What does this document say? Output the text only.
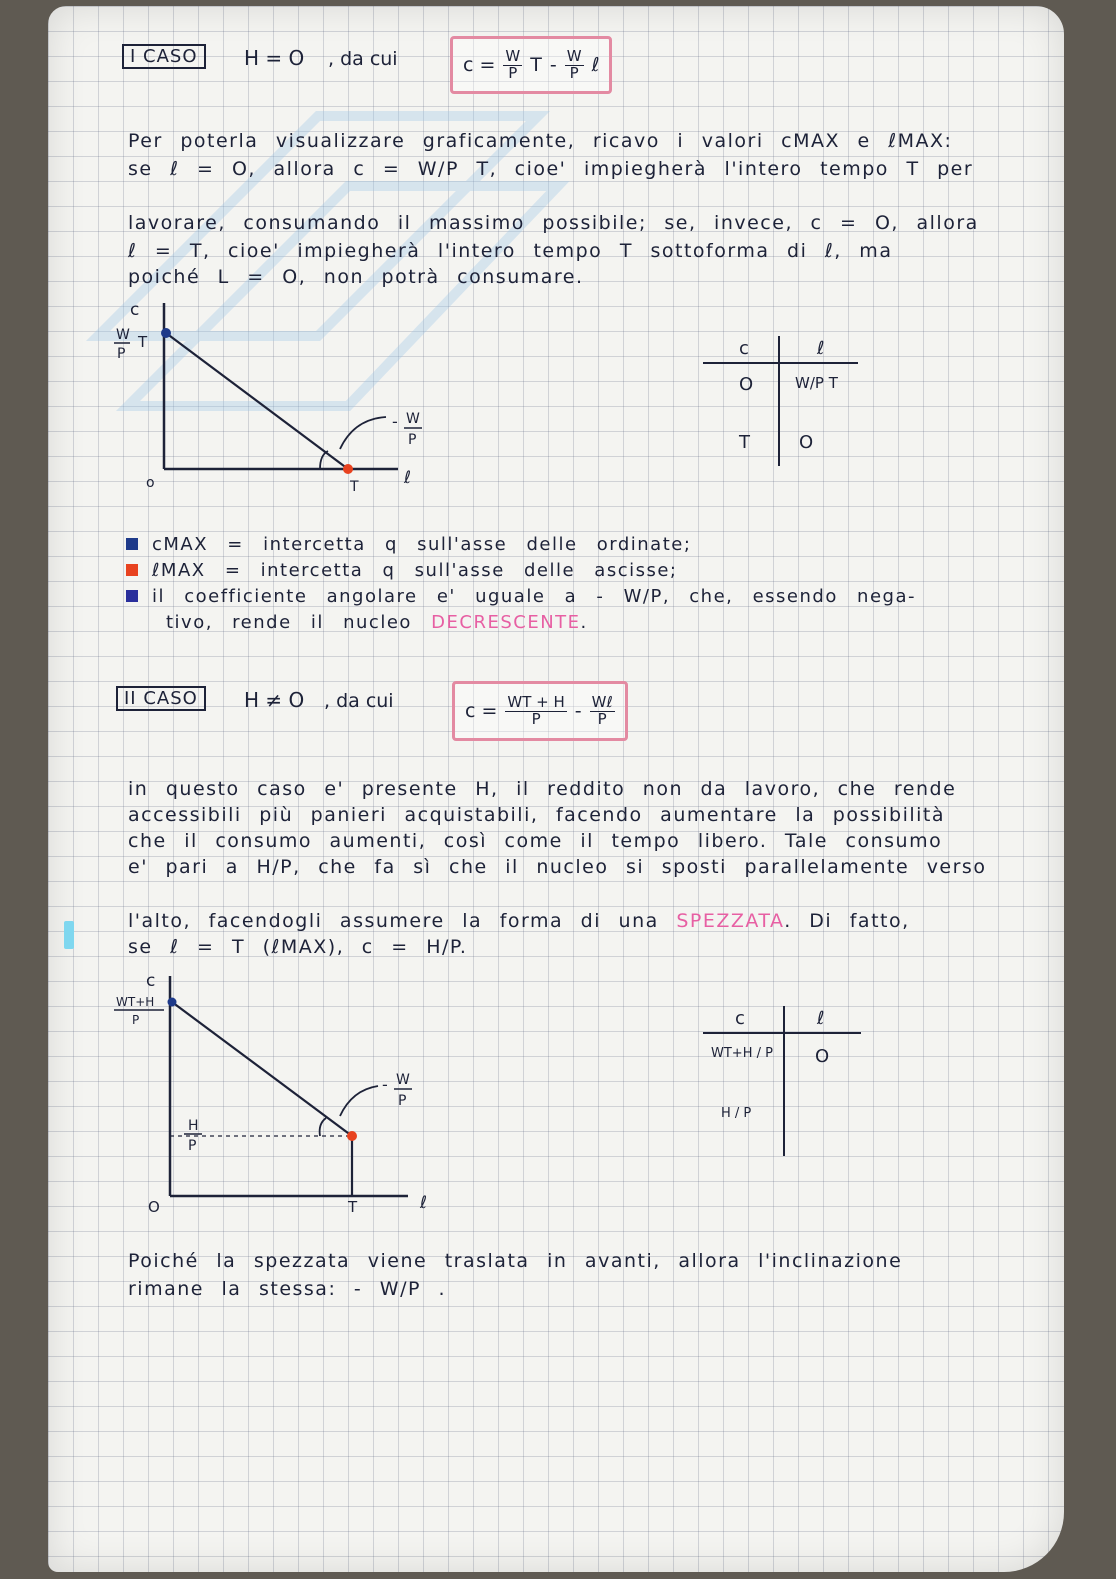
I CASO	H = O , da cui	$c = \frac{W}{P}$ T - $\frac{W}{P}$ ℓ
Per poterla visualizzare graficamente, ricavo i valori cMAX e ℓMAX:
se ℓ = O, allora c = W/P T, cioe' impiegherà l'intero tempo T per
lavorare, consumando il massimo possibile; se, invece, c = O, allora
ℓ = T, cioe' impiegherà l'intero tempo T sottoforma di ℓ, ma
poiché L = O, non potrà consumare.
c
W
P
T
o	T	ℓ
- W
P
c	ℓ
O	W/P T
T	O
cMAX = intercetta q sull'asse delle ordinate;
ℓMAX = intercetta q sull'asse delle ascisse;
il coefficiente angolare e' uguale a - W/P, che, essendo nega-
tivo, rende il nucleo DECRESCENTE.
II CASO	H ≠ O , da cui	$c = \frac{WT + H}{P} - \frac{\text{Wℓ}}{P}$
in questo caso e' presente H, il reddito non da lavoro, che rende
accessibili più panieri acquistabili, facendo aumentare la possibilità
che il consumo aumenti, così come il tempo libero. Tale consumo
e' pari a H/P, che fa sì che il nucleo si sposti parallelamente verso
l'alto, facendogli assumere la forma di una SPEZZATA. Di fatto,
se ℓ = T (ℓMAX), c = H/P.
c
WT+H
P
H
P
O	T	ℓ
- W
P
c	ℓ
WT+H / P	O
H / P
Poiché la spezzata viene traslata in avanti, allora l'inclinazione
rimane la stessa: - W/P .
